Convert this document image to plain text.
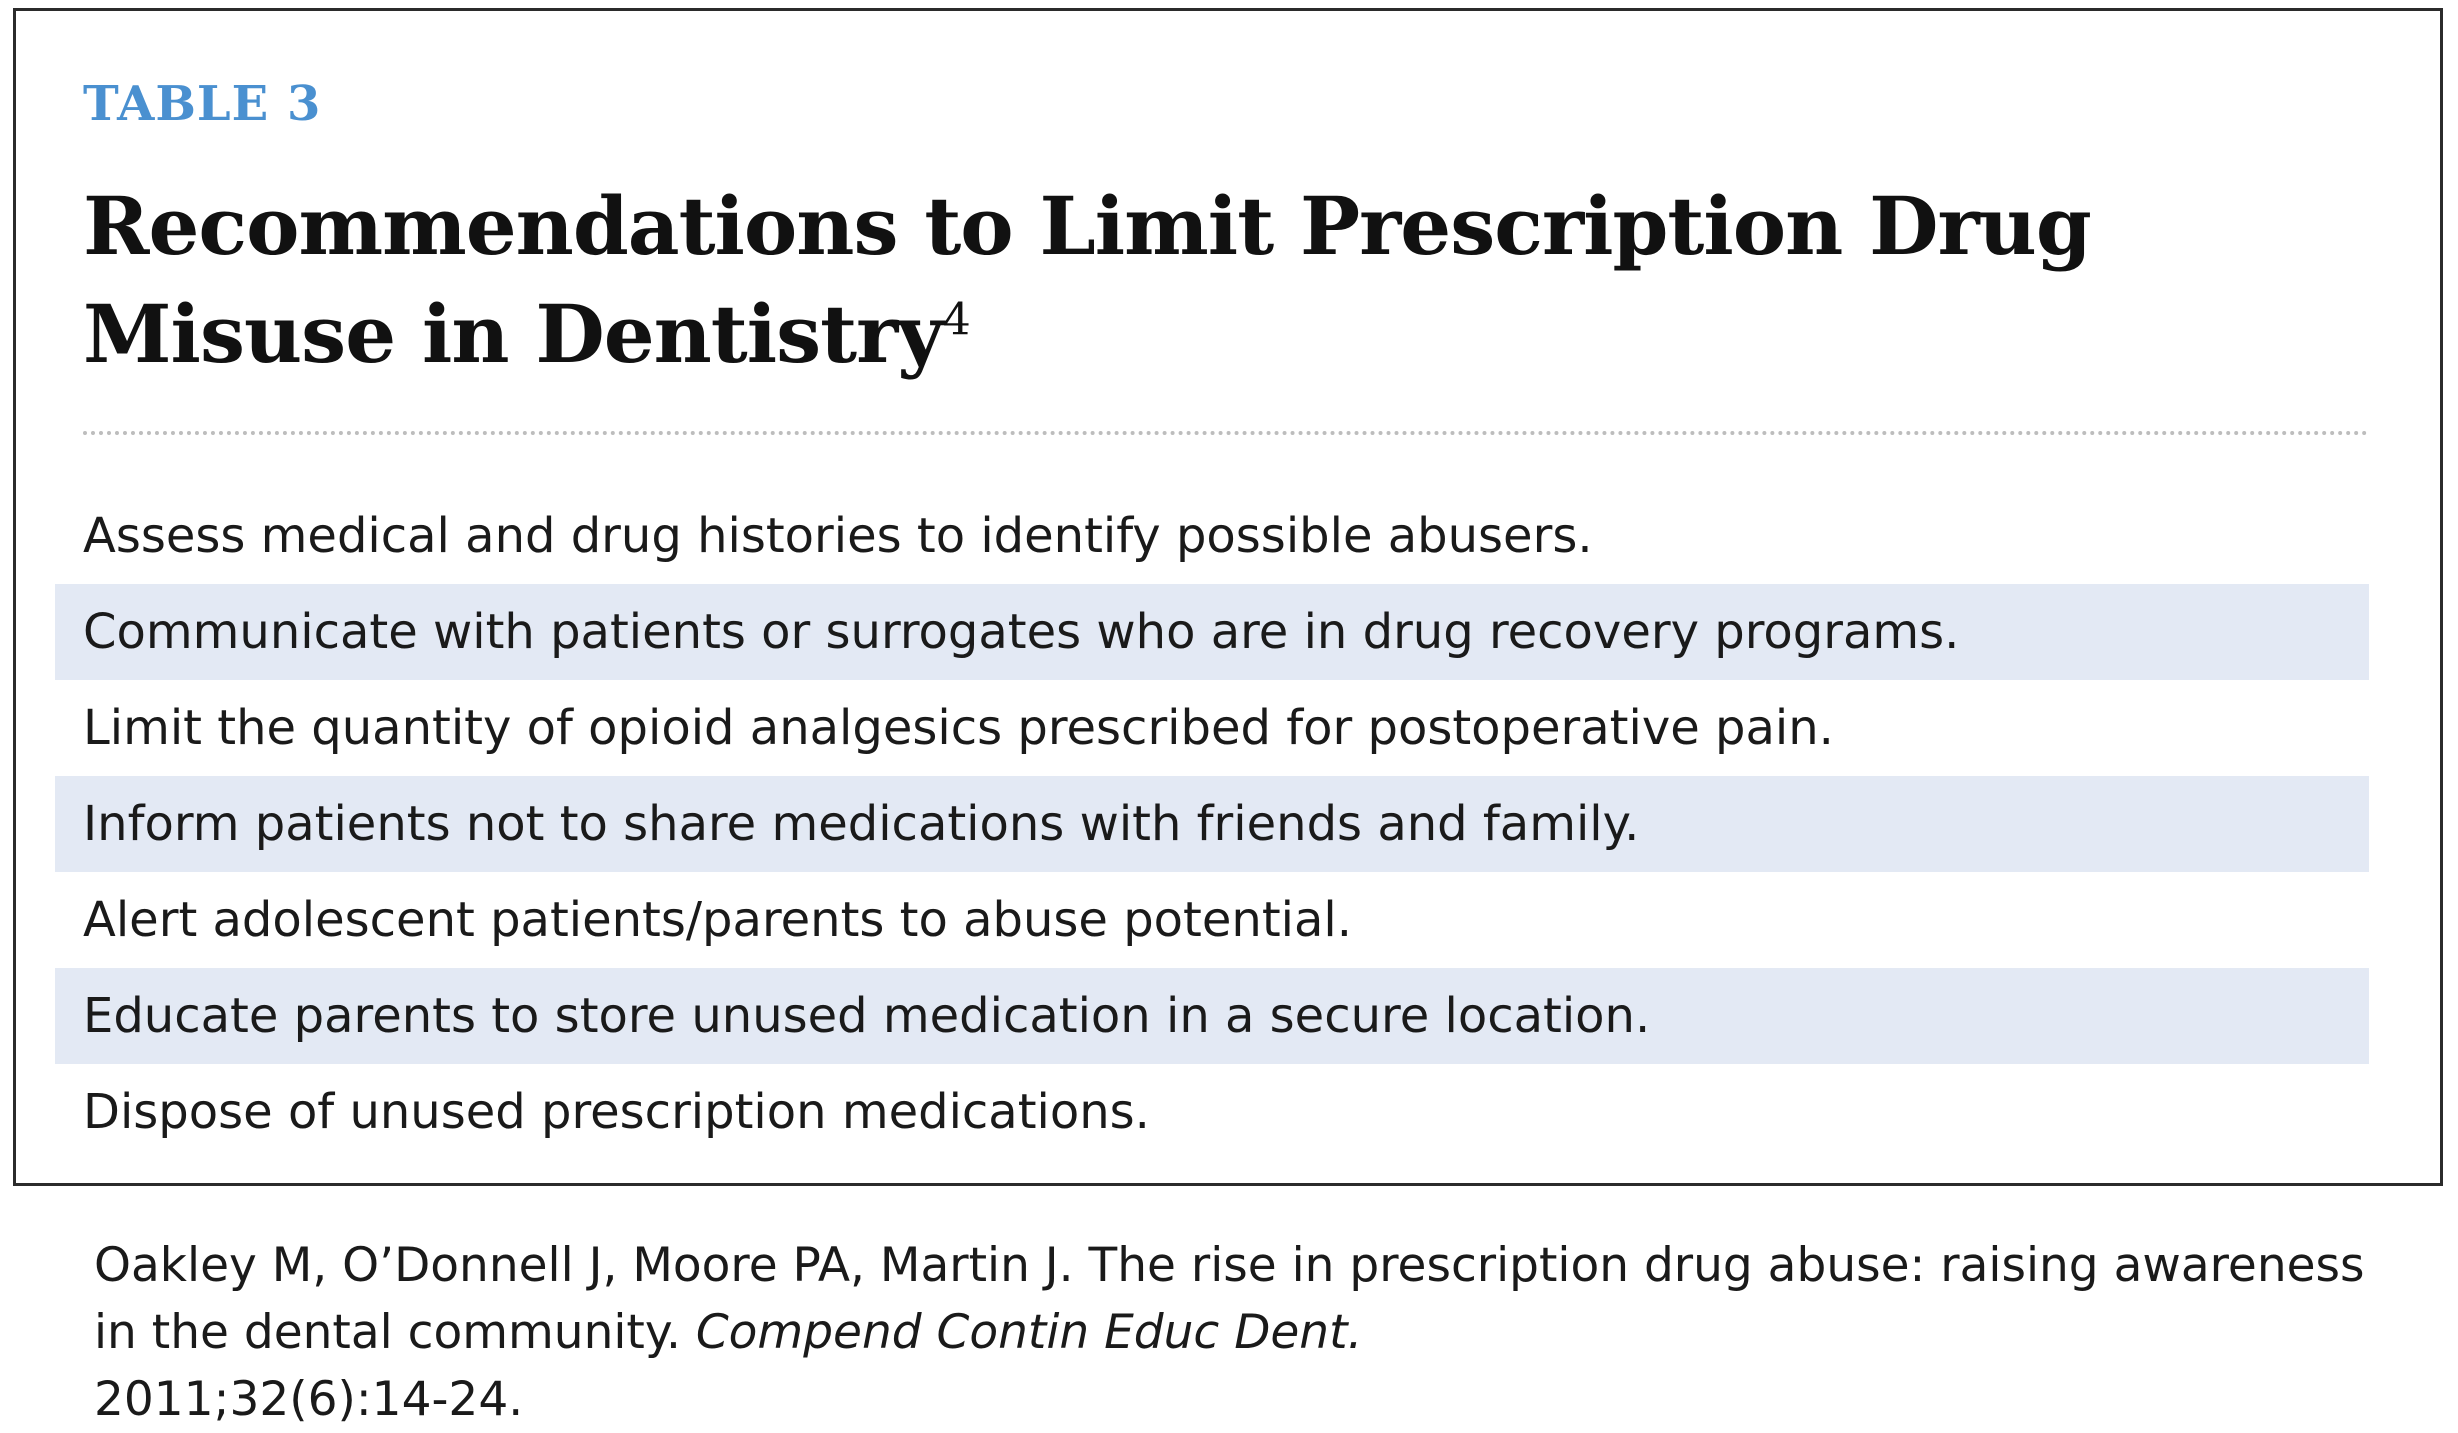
TABLE 3
Recommendations to Limit Prescription Drug Misuse in Dentistry$^4$
Assess medical and drug histories to identify possible abusers.
Communicate with patients or surrogates who are in drug recovery programs.
Limit the quantity of opioid analgesics prescribed for postoperative pain.
Inform patients not to share medications with friends and family.
Alert adolescent patients/parents to abuse potential.
Educate parents to store unused medication in a secure location.
Dispose of unused prescription medications.
Oakley M, O’Donnell J, Moore PA, Martin J. The rise in prescription drug abuse: raising awareness in the dental community. Compend Contin Educ Dent.
2011;32(6):14-24.
